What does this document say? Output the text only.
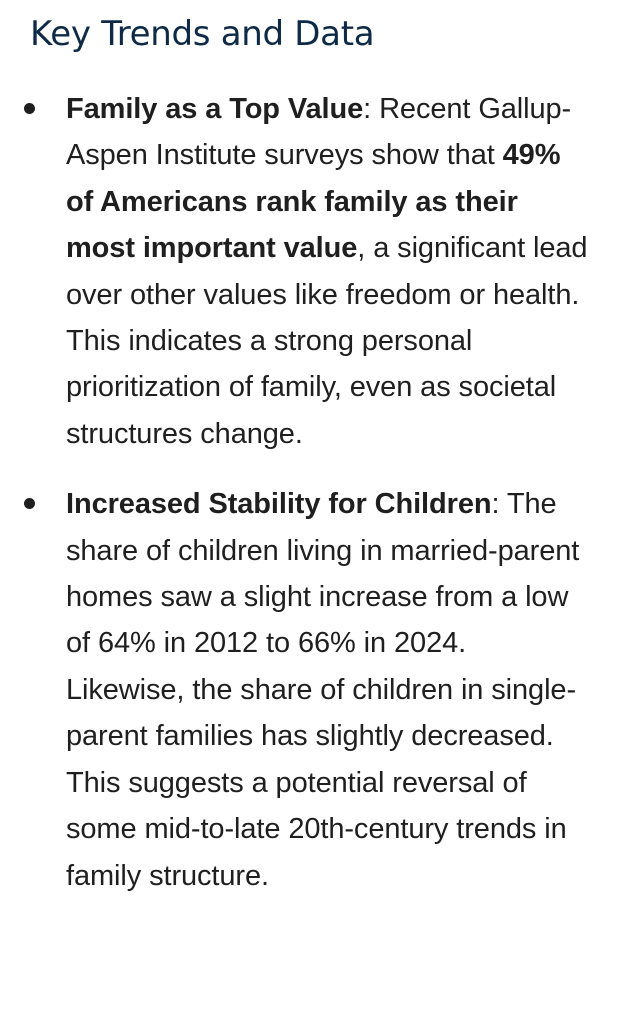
Key Trends and Data
Family as a Top Value: Recent Gallup-Aspen Institute surveys show that 49% of Americans rank family as their most important value, a significant lead over other values like freedom or health. This indicates a strong personal prioritization of family, even as societal structures change.
Increased Stability for Children: The share of children living in married-parent homes saw a slight increase from a low of 64% in 2012 to 66% in 2024. Likewise, the share of children in single-parent families has slightly decreased. This suggests a potential reversal of some mid-to-late 20th-century trends in family structure.
